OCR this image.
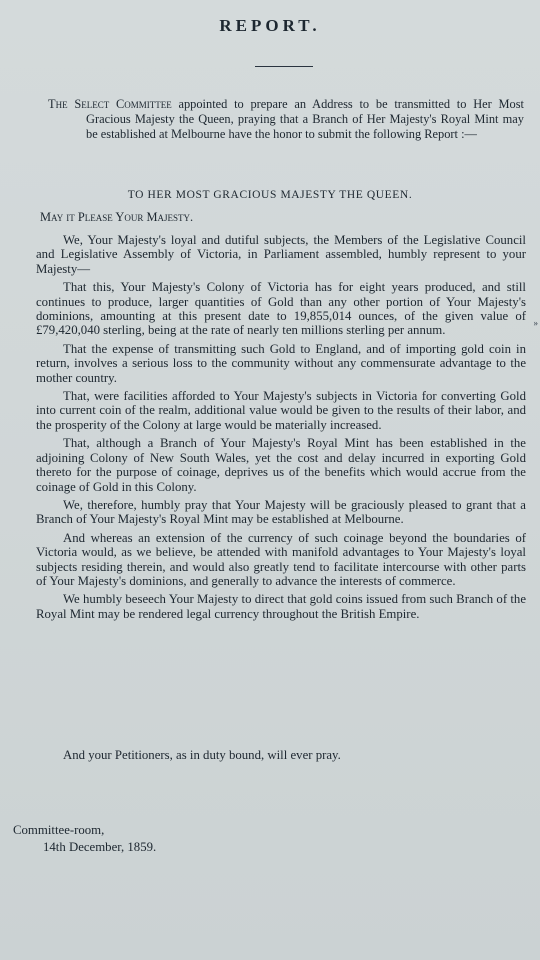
REPORT.
The Select Committee appointed to prepare an Address to be transmitted to Her Most Gracious Majesty the Queen, praying that a Branch of Her Majesty's Royal Mint may be established at Melbourne have the honor to submit the following Report :—
TO HER MOST GRACIOUS MAJESTY THE QUEEN.
May it Please Your Majesty.

We, Your Majesty's loyal and dutiful subjects, the Members of the Legislative Council and Legislative Assembly of Victoria, in Parliament assembled, humbly represent to your Majesty—

That this, Your Majesty's Colony of Victoria has for eight years produced, and still continues to produce, larger quantities of Gold than any other portion of Your Majesty's dominions, amounting at this present date to 19,855,014 ounces, of the given value of £79,420,040 sterling, being at the rate of nearly ten millions sterling per annum.

That the expense of transmitting such Gold to England, and of importing gold coin in return, involves a serious loss to the community without any commensurate advantage to the mother country.

That, were facilities afforded to Your Majesty's subjects in Victoria for converting Gold into current coin of the realm, additional value would be given to the results of their labor, and the prosperity of the Colony at large would be materially increased.

That, although a Branch of Your Majesty's Royal Mint has been established in the adjoining Colony of New South Wales, yet the cost and delay incurred in exporting Gold thereto for the purpose of coinage, deprives us of the benefits which would accrue from the coinage of Gold in this Colony.

We, therefore, humbly pray that Your Majesty will be graciously pleased to grant that a Branch of Your Majesty's Royal Mint may be established at Melbourne.

And whereas an extension of the currency of such coinage beyond the boundaries of Victoria would, as we believe, be attended with manifold advantages to Your Majesty's loyal subjects residing therein, and would also greatly tend to facilitate intercourse with other parts of Your Majesty's dominions, and generally to advance the interests of commerce.

We humbly beseech Your Majesty to direct that gold coins issued from such Branch of the Royal Mint may be rendered legal currency throughout the British Empire.

And your Petitioners, as in duty bound, will ever pray.

Committee-room,
14th December, 1859.
»
